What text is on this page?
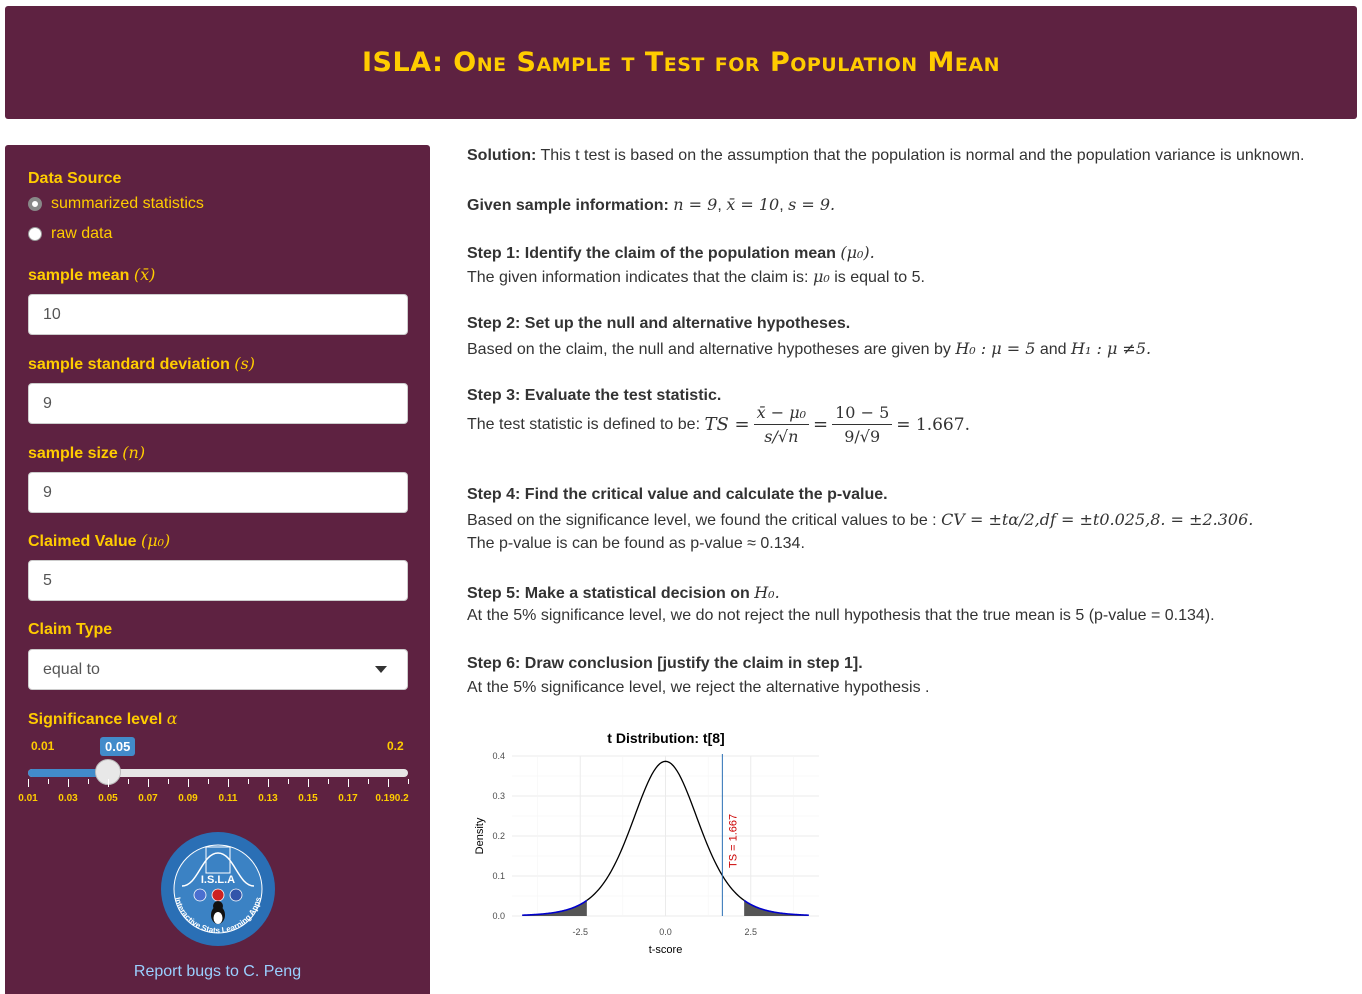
ISLA: One Sample t Test for Population Mean
Data Source
summarized statistics
raw data
sample mean (x̄)
10
sample standard deviation (s)
9
sample size (n)
9
Claimed Value (μ₀)
5
Claim Type
equal to
Significance level α
0.01	0.2
0.05
0.01 0.03 0.05 0.07 0.09 0.11 0.13 0.15 0.17 0.190.2
I.S.L.A
Interactive Stats Learning Apps
Report bugs to C. Peng

Solution: This t test is based on the assumption that the population is normal and the population variance is unknown.

Given sample information: n = 9, x̄ = 10, s = 9.

Step 1: Identify the claim of the population mean (μ₀).

The given information indicates that the claim is: μ₀ is equal to 5.

Step 2: Set up the null and alternative hypotheses.

Based on the claim, the null and alternative hypotheses are given by H₀ : μ = 5 and H₁ : μ ≠5.

Step 3: Evaluate the test statistic.

The test statistic is defined to be:
TS = $\frac{\text{x̄ − μ₀}}{s/√n} = \frac{10 - 5}{9/√9} = 1.667$.

Step 4: Find the critical value and calculate the p-value.

Based on the significance level, we found the critical values to be : CV = ±tα/2,df = ±t0.025,8. = ±2.306.

The p-value is can be found as p-value ≈ 0.134.

Step 5: Make a statistical decision on H₀.

At the 5% significance level, we do not reject the null hypothesis that the true mean is 5 (p-value = 0.134).

Step 6: Draw conclusion [justify the claim in step 1].

At the 5% significance level, we reject the alternative hypothesis .

TS = 1.667
t Distribution: t[8]
0.0
0.1
0.2
0.3
0.4
-2.5	0.0	2.5
t-score
Density
